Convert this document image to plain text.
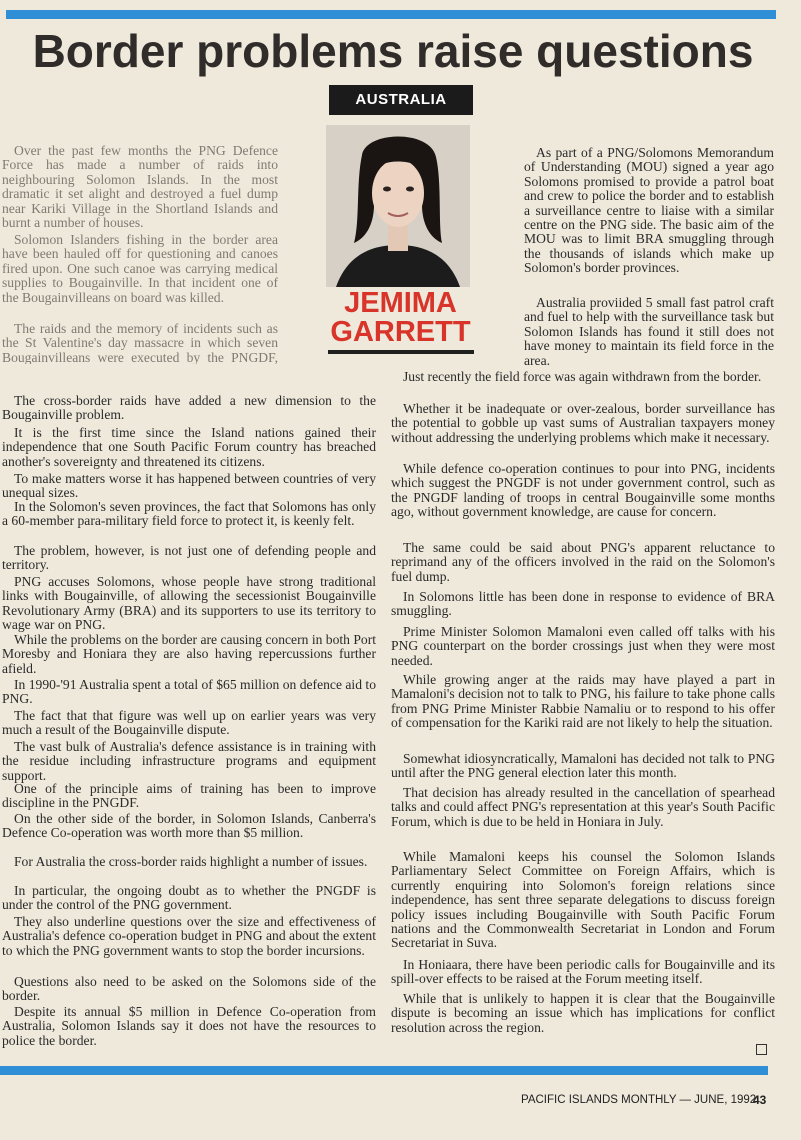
Border problems raise questions
AUSTRALIA
JEMIMA
GARRETT

Over the past few months the PNG Defence Force has made a number of raids into neighbouring Solomon Islands. In the most dramatic it set alight and destroyed a fuel dump near Kariki Village in the Shortland Islands and burnt a number of houses.

Solomon Islanders fishing in the border area have been hauled off for questioning and canoes fired upon. One such canoe was carrying medical supplies to Bougainville. In that incident one of the Bougainvilleans on board was killed.

The raids and the memory of incidents such as the St Valentine's day massacre in which seven Bougainvilleans were executed by the PNGDF,

The cross-border raids have added a new dimension to the Bougainville problem.

It is the first time since the Island nations gained their independence that one South Pacific Forum country has breached another's sovereignty and threatened its citizens.

To make matters worse it has happened between countries of very unequal sizes.

In the Solomon's seven provinces, the fact that Solomons has only a 60-member para-military field force to protect it, is keenly felt.

The problem, however, is not just one of defending people and territory.

PNG accuses Solomons, whose people have strong traditional links with Bougainville, of allowing the secessionist Bougainville Revolutionary Army (BRA) and its supporters to use its territory to wage war on PNG.

While the problems on the border are causing concern in both Port Moresby and Honiara they are also having repercussions further afield.

In 1990-'91 Australia spent a total of $65 million on defence aid to PNG.

The fact that that figure was well up on earlier years was very much a result of the Bougainville dispute.

The vast bulk of Australia's defence assistance is in training with the residue including infrastructure programs and equipment support.

One of the principle aims of training has been to improve discipline in the PNGDF.

On the other side of the border, in Solomon Islands, Canberra's Defence Co-operation was worth more than $5 million.

For Australia the cross-border raids highlight a number of issues.

In particular, the ongoing doubt as to whether the PNGDF is under the control of the PNG government.

They also underline questions over the size and effectiveness of Australia's defence co-operation budget in PNG and about the extent to which the PNG government wants to stop the border incursions.

Questions also need to be asked on the Solomons side of the border.

Despite its annual $5 million in Defence Co-operation from Australia, Solomon Islands say it does not have the resources to police the border.

As part of a PNG/Solomons Memorandum of Understanding (MOU) signed a year ago Solomons promised to provide a patrol boat and crew to police the border and to establish a surveillance centre to liaise with a similar centre on the PNG side. The basic aim of the MOU was to limit BRA smuggling through the thousands of islands which make up Solomon's border provinces.

Australia proviided 5 small fast patrol craft and fuel to help with the surveillance task but Solomon Islands has found it still does not have money to maintain its field force in the area.

Just recently the field force was again withdrawn from the border.

Whether it be inadequate or over-zealous, border surveillance has the potential to gobble up vast sums of Australian taxpayers money without addressing the underlying problems which make it necessary.

While defence co-operation continues to pour into PNG, incidents which suggest the PNGDF is not under government control, such as the PNGDF landing of troops in central Bougainville some months ago, without government knowledge, are cause for concern.

The same could be said about PNG's apparent reluctance to reprimand any of the officers involved in the raid on the Solomon's fuel dump.

In Solomons little has been done in response to evidence of BRA smuggling.

Prime Minister Solomon Mamaloni even called off talks with his PNG counterpart on the border crossings just when they were most needed.

While growing anger at the raids may have played a part in Mamaloni's decision not to talk to PNG, his failure to take phone calls from PNG Prime Minister Rabbie Namaliu or to respond to his offer of compensation for the Kariki raid are not likely to help the situation.

Somewhat idiosyncratically, Mamaloni has decided not talk to PNG until after the PNG general election later this month.

That decision has already resulted in the cancellation of spearhead talks and could affect PNG's representation at this year's South Pacific Forum, which is due to be held in Honiara in July.

While Mamaloni keeps his counsel the Solomon Islands Parliamentary Select Committee on Foreign Affairs, which is currently enquiring into Solomon's foreign relations since independence, has sent three separate delegations to discuss foreign policy issues including Bougainville with South Pacific Forum nations and the Commonwealth Secretariat in London and Forum Secretariat in Suva.

In Honiaara, there have been periodic calls for Bougainville and its spill-over effects to be raised at the Forum meeting itself.

While that is unlikely to happen it is clear that the Bougainville dispute is becoming an issue which has implications for conflict resolution across the region.

PACIFIC ISLANDS MONTHLY — JUNE, 1992

43
